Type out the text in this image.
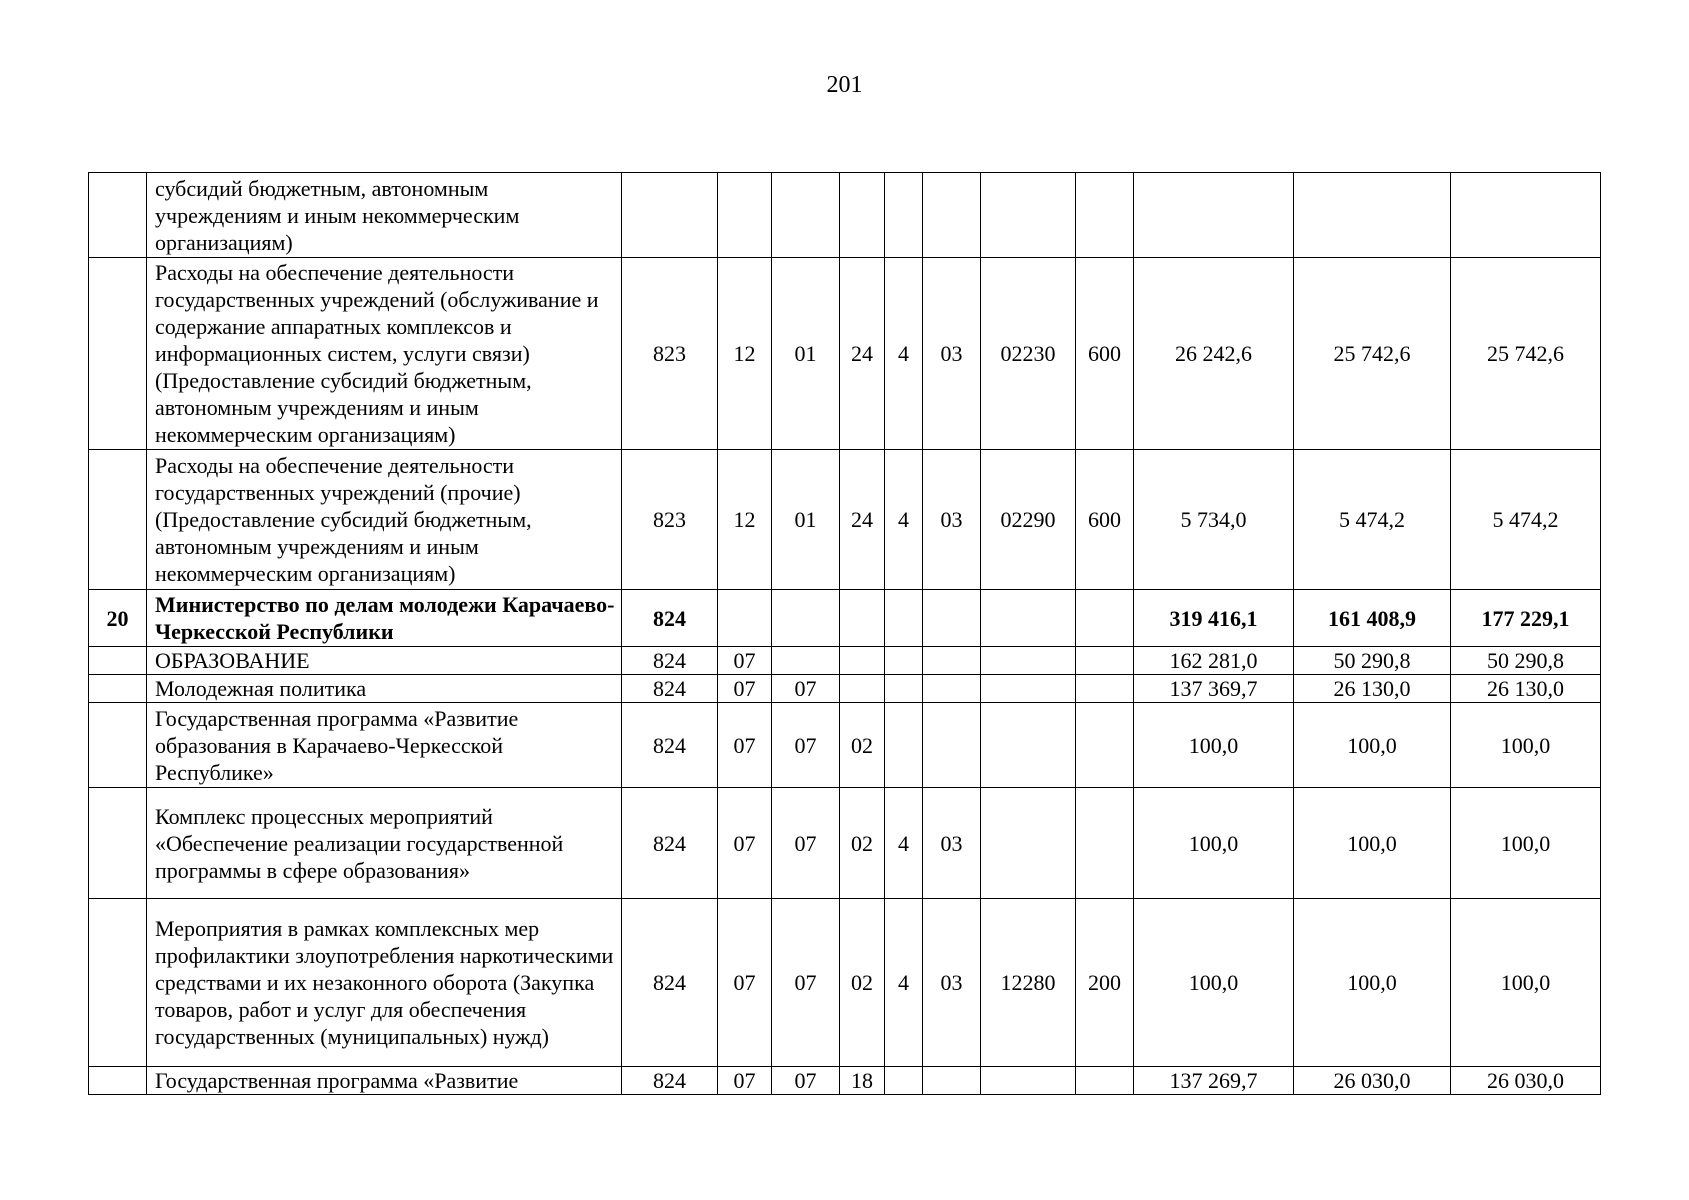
201
	субсидий бюджетным, автономным учреждениям и иным некоммерческим организациям)											
	Расходы на обеспечение деятельности государственных учреждений (обслуживание и содержание аппаратных комплексов и информационных систем, услуги связи) (Предоставление субсидий бюджетным, автономным учреждениям и иным некоммерческим организациям)	823	12	01	24	4	03	02230	600	26 242,6	25 742,6	25 742,6
	Расходы на обеспечение деятельности государственных учреждений (прочие) (Предоставление субсидий бюджетным, автономным учреждениям и иным некоммерческим организациям)	823	12	01	24	4	03	02290	600	5 734,0	5 474,2	5 474,2
20	Министерство по делам молодежи Карачаево-Черкесской Республики	824								319 416,1	161 408,9	177 229,1
	ОБРАЗОВАНИЕ	824	07							162 281,0	50 290,8	50 290,8
	Молодежная политика	824	07	07						137 369,7	26 130,0	26 130,0
	Государственная программа «Развитие образования в Карачаево-Черкесской Республике»	824	07	07	02					100,0	100,0	100,0
	Комплекс процессных мероприятий «Обеспечение реализации государственной программы в сфере образования»	824	07	07	02	4	03			100,0	100,0	100,0
	Мероприятия в рамках комплексных мер профилактики злоупотребления наркотическими средствами и их незаконного оборота (Закупка товаров, работ и услуг для обеспечения государственных (муниципальных) нужд)	824	07	07	02	4	03	12280	200	100,0	100,0	100,0
	Государственная программа «Развитие	824	07	07	18					137 269,7	26 030,0	26 030,0
